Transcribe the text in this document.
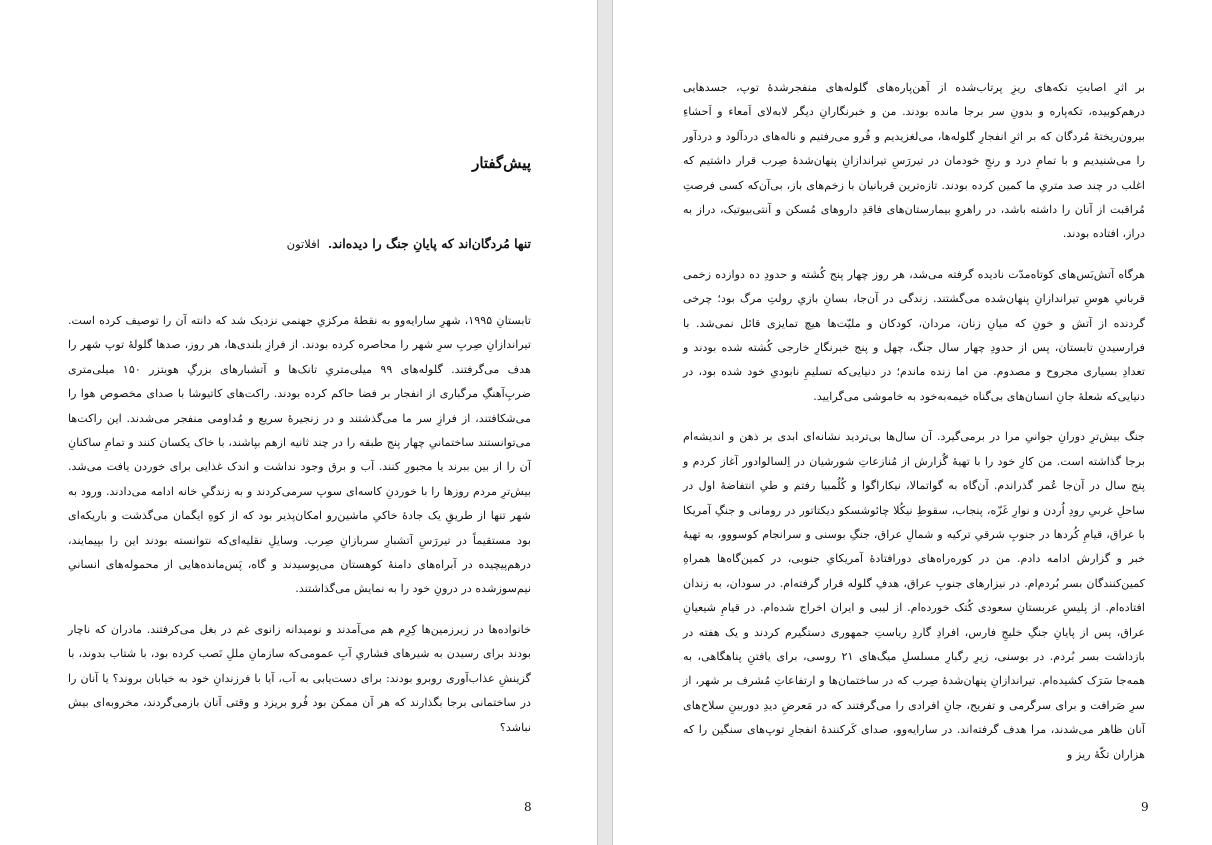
پیش‌گفتار
تنها مُردگان‌اند که پایانِ جنگ را دیده‌اند.
افلاتون

تابستانِ ۱۹۹۵، شهرِ سارایه‌وو به نقطهٔ مرکزیِ جهنمی نزدیک شد که دانته آن را توصیف کرده است. تیراندازانِ صِربِ سرِ شهر را محاصره کرده بودند. از فرازِ بلندی‌ها، هر روز، صدها گلولهٔ توپ شهر را هدف می‌گرفتند. گلوله‌های ۹۹ میلی‌متریِ تانک‌ها و آتشبارهای بزرگِ هویتزر ۱۵۰ میلی‌متری ضربِ‌آهنگِ مرگباری از انفجار بر فضا حاکم کرده بودند. راکت‌های کاتیوشا با صدای مخصوص هوا را می‌شکافتند، از فرازِ سر ما می‌گذشتند و در زنجیرهٔ سریع و مُداومی منفجر می‌شدند. این راکت‌ها می‌توانستند ساختمانیِ چهار پنج طبقه را در چند ثانیه ازهم بپاشند، با خاک یکسان کنند و تمامِ ساکنانِ آن را از بین ببرند یا مجبورِ کنند. آب و برق وجود نداشت و اندک غذایی برای خوردن یافت می‌شد. بیش‌ترِ مردم روزها را با خوردنِ کاسه‌ای سوپ سرمی‌کردند و به زندگیِ خانه ادامه می‌دادند. ورود به شهر تنها از طریقِ یک جادهٔ خاکیِ ماشین‌رو امکان‌پذیر بود که از کوهِ ایگمان می‌گذشت و باریکه‌ای بود مستقیماً در تیررَسِ آتشبارِ سربازانِ صِرب. وسایلِ نقلیه‌ای‌که نتوانسته بودند این را بپیمایند، درهم‌پیچیده در آبراه‌های دامنهٔ کوهستان می‌پوسیدند و گاه، پَس‌مانده‌هایی از محموله‌های انسانیِ نیم‌سوزشده در درونِ خود را به نمایش می‌گذاشتند.

خانواده‌ها در زیرزمین‌ها کِرِم هم می‌آمدند و نومیدانه زانوی غم در بغل می‌کرفتند. مادران که ناچار بودند برای رسیدن به شیرهای فشاریِ آبِ عمومی‌که سازمانِ مللِ نَصب کرده بود، با شتاب بدوند، با گزینشِ عذاب‌آوری روبرو بودند: برای دست‌یابی به آب، آیا با فرزندانِ خود به خیابان بروند؟ یا آنان را در ساختمانی برجا بگذارند که هر آن ممکن بود فُرو بریزد و وقتی آنان بازمی‌گردند، مخروبه‌ای بیش نباشد؟

8

بر اثرِ اصابتِ تکه‌های ریزِ پرتاب‌شده از آهن‌پاره‌های گلوله‌های منفجرشدهٔ توپ، جسدهایی درهم‌کوبیده، تکه‌پاره و بدونِ سر برجا مانده بودند. من و خبرنگارانِ دیگر لابه‌لای اَمعاء و اَحشاءِ بیرون‌ریختهٔ مُردگان که بر اثرِ انفجارِ گلوله‌ها، می‌لغزیدیم و فُرو می‌رفتیم و ناله‌های دردآلود و دردآور را می‌شنیدیم و با تمامِ درد و رنجِ خودمان در تیررَسِ تیراندازانِ پنهان‌شدهٔ صِرب قرار داشتیم که اغلب در چند صد متریِ ما کمین کرده بودند. تازه‌ترین قربانیان با زخم‌های باز، بی‌آن‌که کسی فرصتِ مُراقبت از آنان را داشته باشد، در راهروِ بیمارستان‌های فاقدِ داروهای مُسکن و آنتی‌بیوتیک، دراز به دراز، افتاده بودند.

هرگاه آتش‌بَس‌های کوتاه‌مدّت نادیده گرفته می‌شد، هر روز چهار پنج کُشته و حدودِ ده دوازده زخمی قربانیِ هوسِ تیراندازانِ پنهان‌شده می‌گشتند. زندگی در آن‌جا، بسانِ بازیِ رولتِ مرگ بود؛ چرخی گردنده از آتش و خونِ که میانِ زنان، مردان، کودکان و ملیّت‌ها هیچ تمایزی قائل نمی‌شد. با فرارسیدنِ تابستان، پس از حدودِ چهار سال جنگ، چهل و پنج خبرنگارِ خارجی کُشته شده بودند و تعدادِ بسیاری مجروح و مصدوم. من اما زنده ماندم؛ در دنیایی‌که تسلیمِ نابودیِ خود شده بود، در دنیایی‌که شعلهٔ جانِ انسان‌های بی‌گناه خیمه‌به‌خود به خاموشی می‌گرایید.

جنگ بیش‌ترِ دورانِ جوانیِ مرا در برمی‌گیرد. آن سال‌ها بی‌تردید نشانه‌ای ابدی بر ذهن و اندیشه‌ام برجا گذاشته است. من کارِ خود را با تهیهٔ گُزارش از مُنازعاتِ شورشیان در اِلسالوادور آغاز کردم و پنج سال در آن‌جا عُمر گذراندم. آن‌گاه به گواتمالا، نیکاراگوا و کُلُمبیا رفتم و طیِ انتفاضهٔ اول در ساحلِ غربیِ رودِ اُردن و نوارِ غَزّه، پنجاب، سقوطِ نیکُلا چائوشسکو دیکتاتور در رومانی و جنگِ آمریکا با عراق، قیامِ کُردها در جنوبِ شرقیِ ترکیه و شمالِ عراق، جنگِ بوسنی و سرانجام کوسووو، به تهیهٔ خبر و گزارش ادامه دادم. من در کوره‌راه‌های دورافتادهٔ آمریکایِ جنوبی، در کمین‌گاه‌ها همراهِ کمین‌کنندگان بسر بُردم‌ام. در نیزارهای جنوبِ عراق، هدفِ گلوله قرار گرفته‌ام. در سودان، به زندان افتاده‌ام. از پلیسِ عربستانِ سعودی کُتک خورده‌ام. از لیبی و ایران اخراج شده‌ام. در قیامِ شیعیانِ عراق، پس از پایانِ جنگِ خلیجِ فارس، افرادِ گاردِ ریاستِ جمهوری دستگیرم کردند و یک هفته در بازداشت بسر بُردم. در بوسنی، زیرِ رگبارِ مسلسلِ میگ‌های ۲۱ روسی، برای یافتنِ پناهگاهی، به همه‌جا سَرَک کشیده‌ام. تیراندازانِ پنهان‌شدهٔ صِرب که در ساختمان‌ها و ارتفاعاتِ مُشرف بر شهر، از سرِ صَرافت و برای سرگرمی و تفریح، جانِ افرادی را می‌گرفتند که در مَعرضِ دیدِ دوربینِ سلاح‌های آنان ظاهر می‌شدند، مرا هدف گرفته‌اند. در سارایه‌وو، صدای کَرکنندهٔ انفجارِ توپ‌های سنگین را که هزاران تکّهٔ ریز و

9
